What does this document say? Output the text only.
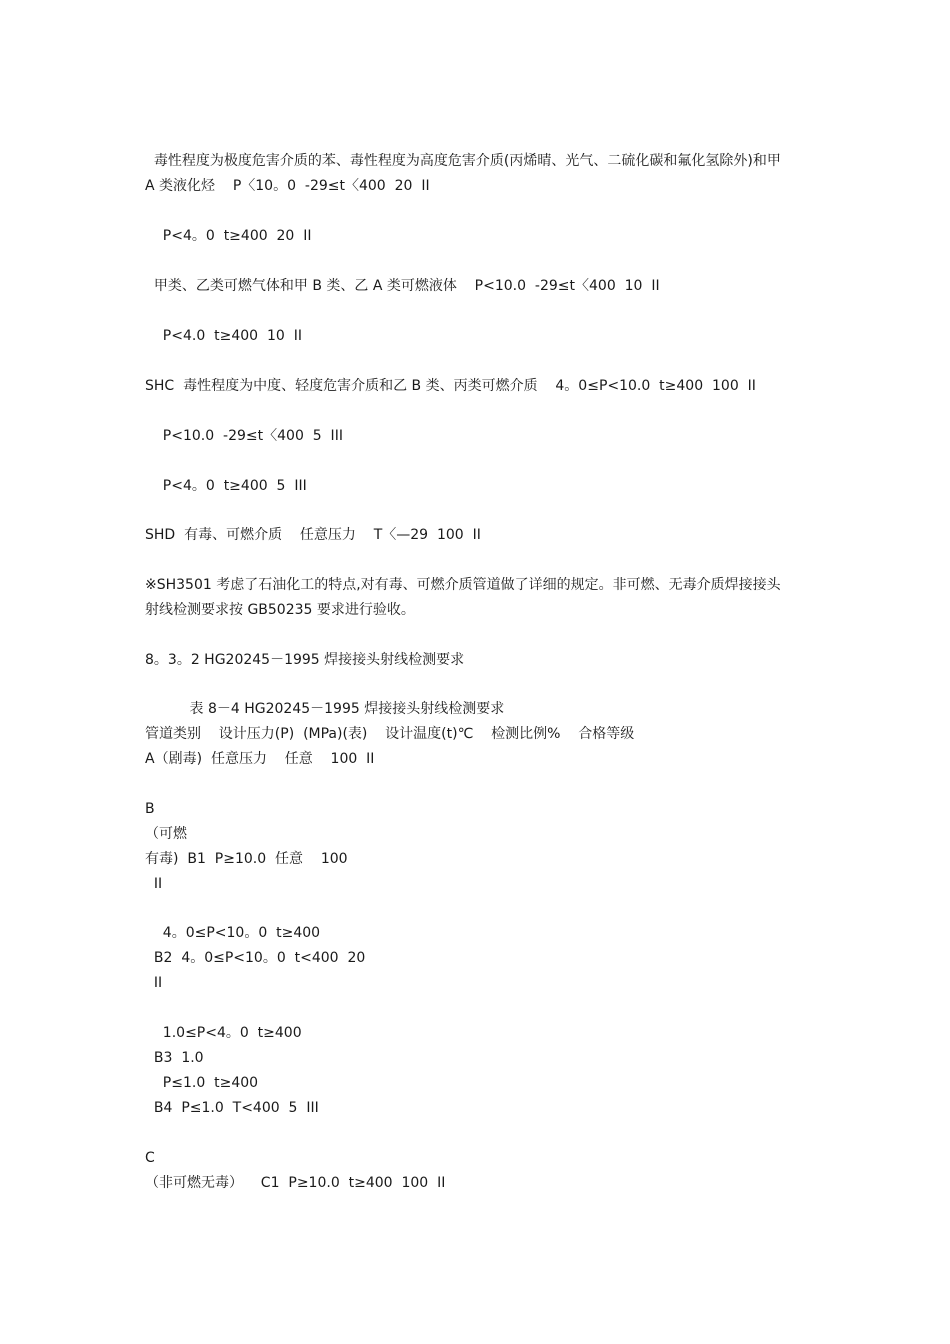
毒性程度为极度危害介质的苯、毒性程度为高度危害介质(丙烯晴、光气、二硫化碳和氟化氢除外)和甲
A 类液化烃    P〈10。0  -29≤t〈400  20  II
P<4。0  t≥400  20  II
甲类、乙类可燃气体和甲 B 类、乙 A 类可燃液体    P<10.0  -29≤t〈400  10  II
P<4.0  t≥400  10  II
SHC  毒性程度为中度、轻度危害介质和乙 B 类、丙类可燃介质    4。0≤P<10.0  t≥400  100  II
P<10.0  -29≤t〈400  5  III
P<4。0  t≥400  5  III
SHD  有毒、可燃介质    任意压力    T〈—29  100  II
※SH3501 考虑了石油化工的特点,对有毒、可燃介质管道做了详细的规定。非可燃、无毒介质焊接接头
射线检测要求按 GB50235 要求进行验收。
8。3。2 HG20245－1995 焊接接头射线检测要求
表 8－4 HG20245－1995 焊接接头射线检测要求
管道类别    设计压力(P)  (MPa)(表)    设计温度(t)℃    检测比例%    合格等级
A（剧毒)  任意压力    任意    100  II
B
（可燃
有毒)  B1  P≥10.0  任意    100
II
4。0≤P<10。0  t≥400
B2  4。0≤P<10。0  t<400  20
II
1.0≤P<4。0  t≥400
B3  1.0
P≤1.0  t≥400
B4  P≤1.0  T<400  5  III
C
（非可燃无毒）    C1  P≥10.0  t≥400  100  II
